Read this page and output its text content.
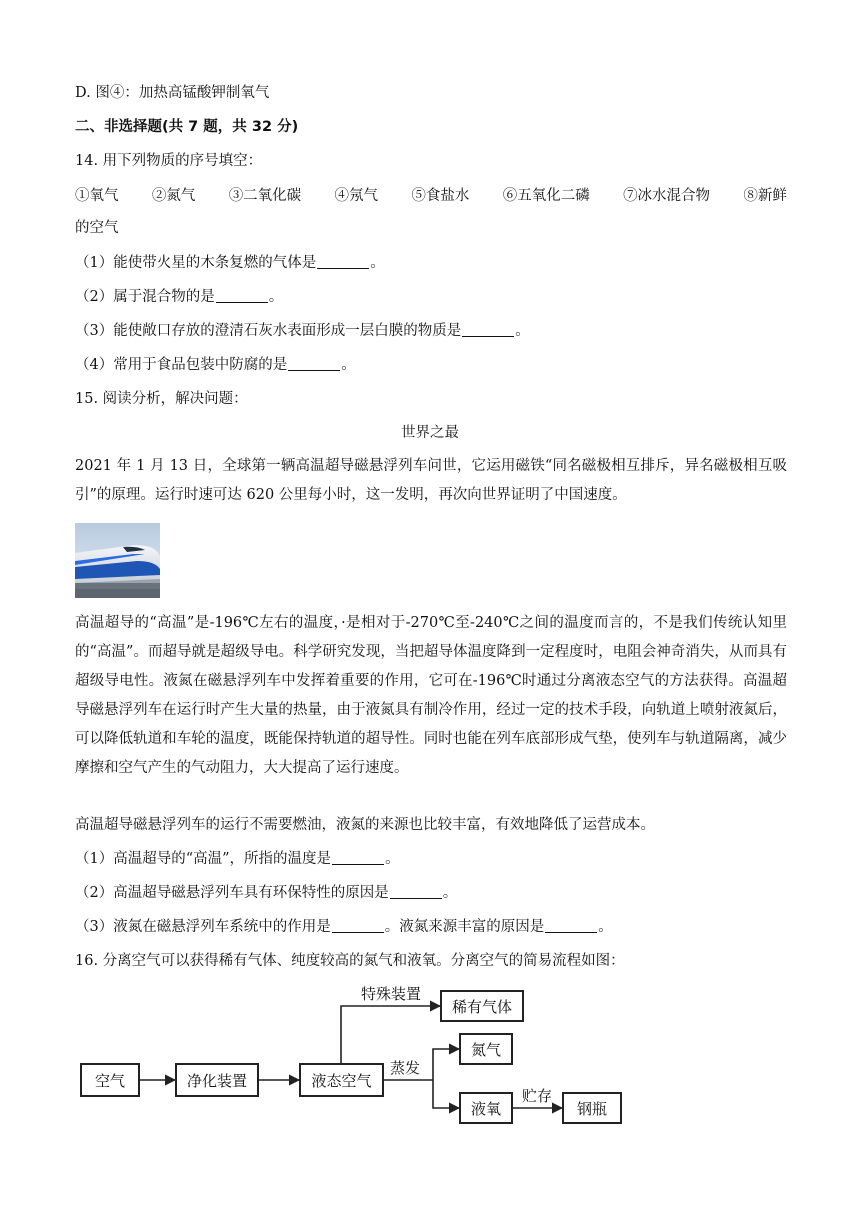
D. 图④：加热高锰酸钾制氧气
二、非选择题(共 7 题，共 32 分)
14. 用下列物质的序号填空：
①氧气 ②氮气 ③二氧化碳 ④氖气 ⑤食盐水 ⑥五氧化二磷 ⑦冰水混合物 ⑧新鲜
的空气
（1）能使带火星的木条复燃的气体是	。
（2）属于混合物的是	。
（3）能使敞口存放的澄清石灰水表面形成一层白膜的物质是	。
（4）常用于食品包装中防腐的是	。
15. 阅读分析，解决问题：
世界之最
2021 年 1 月 13 日，全球第一辆高温超导磁悬浮列车问世，它运用磁铁“同名磁极相互排斥，异名磁极相互吸引”的原理。运行时速可达 620 公里每小时，这一发明，再次向世界证明了中国速度。
高温超导的“高温”是-196℃左右的温度，·是相对于-270℃至-240℃之间的温度而言的，不是我们传统认知里的“高温”。而超导就是超级导电。科学研究发现，当把超导体温度降到一定程度时，电阻会神奇消失，从而具有超级导电性。液氮在磁悬浮列车中发挥着重要的作用，它可在-196℃时通过分离液态空气的方法获得。高温超导磁悬浮列车在运行时产生大量的热量，由于液氮具有制冷作用，经过一定的技术手段，向轨道上喷射液氮后，可以降低轨道和车轮的温度，既能保持轨道的超导性。同时也能在列车底部形成气垫，使列车与轨道隔离，减少摩擦和空气产生的气动阻力，大大提高了运行速度。
高温超导磁悬浮列车的运行不需要燃油，液氮的来源也比较丰富，有效地降低了运营成本。
（1）高温超导的“高温”，所指的温度是	。
（2）高温超导磁悬浮列车具有环保特性的原因是	。
（3）液氮在磁悬浮列车系统中的作用是	。液氮来源丰富的原因是	。
16. 分离空气可以获得稀有气体、纯度较高的氮气和液氧。分离空气的简易流程如图：
空气	净化装置	液态空气
稀有气体
氮气
液氧	钢瓶
特殊装置
蒸发
贮存
